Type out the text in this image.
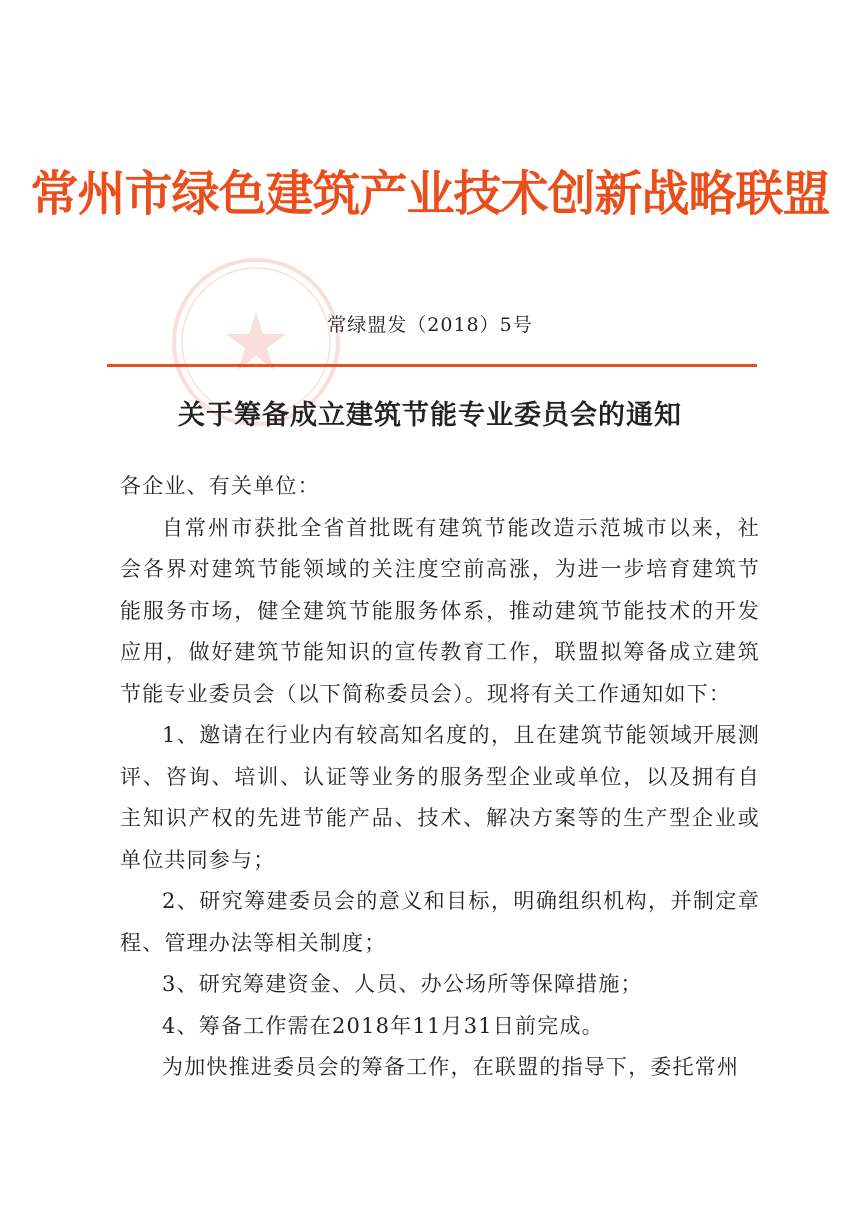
常州市绿色建筑产业技术创新战略联盟
常绿盟发（2018）5号
关于筹备成立建筑节能专业委员会的通知

各企业、有关单位：

自常州市获批全省首批既有建筑节能改造示范城市以来，社会各界对建筑节能领域的关注度空前高涨，为进一步培育建筑节能服务市场，健全建筑节能服务体系，推动建筑节能技术的开发应用，做好建筑节能知识的宣传教育工作，联盟拟筹备成立建筑节能专业委员会（以下简称委员会）。现将有关工作通知如下：

1、邀请在行业内有较高知名度的，且在建筑节能领域开展测评、咨询、培训、认证等业务的服务型企业或单位，以及拥有自主知识产权的先进节能产品、技术、解决方案等的生产型企业或单位共同参与；

2、研究筹建委员会的意义和目标，明确组织机构，并制定章程、管理办法等相关制度；

3、研究筹建资金、人员、办公场所等保障措施；

4、筹备工作需在2018年11月31日前完成。

为加快推进委员会的筹备工作，在联盟的指导下，委托常州
